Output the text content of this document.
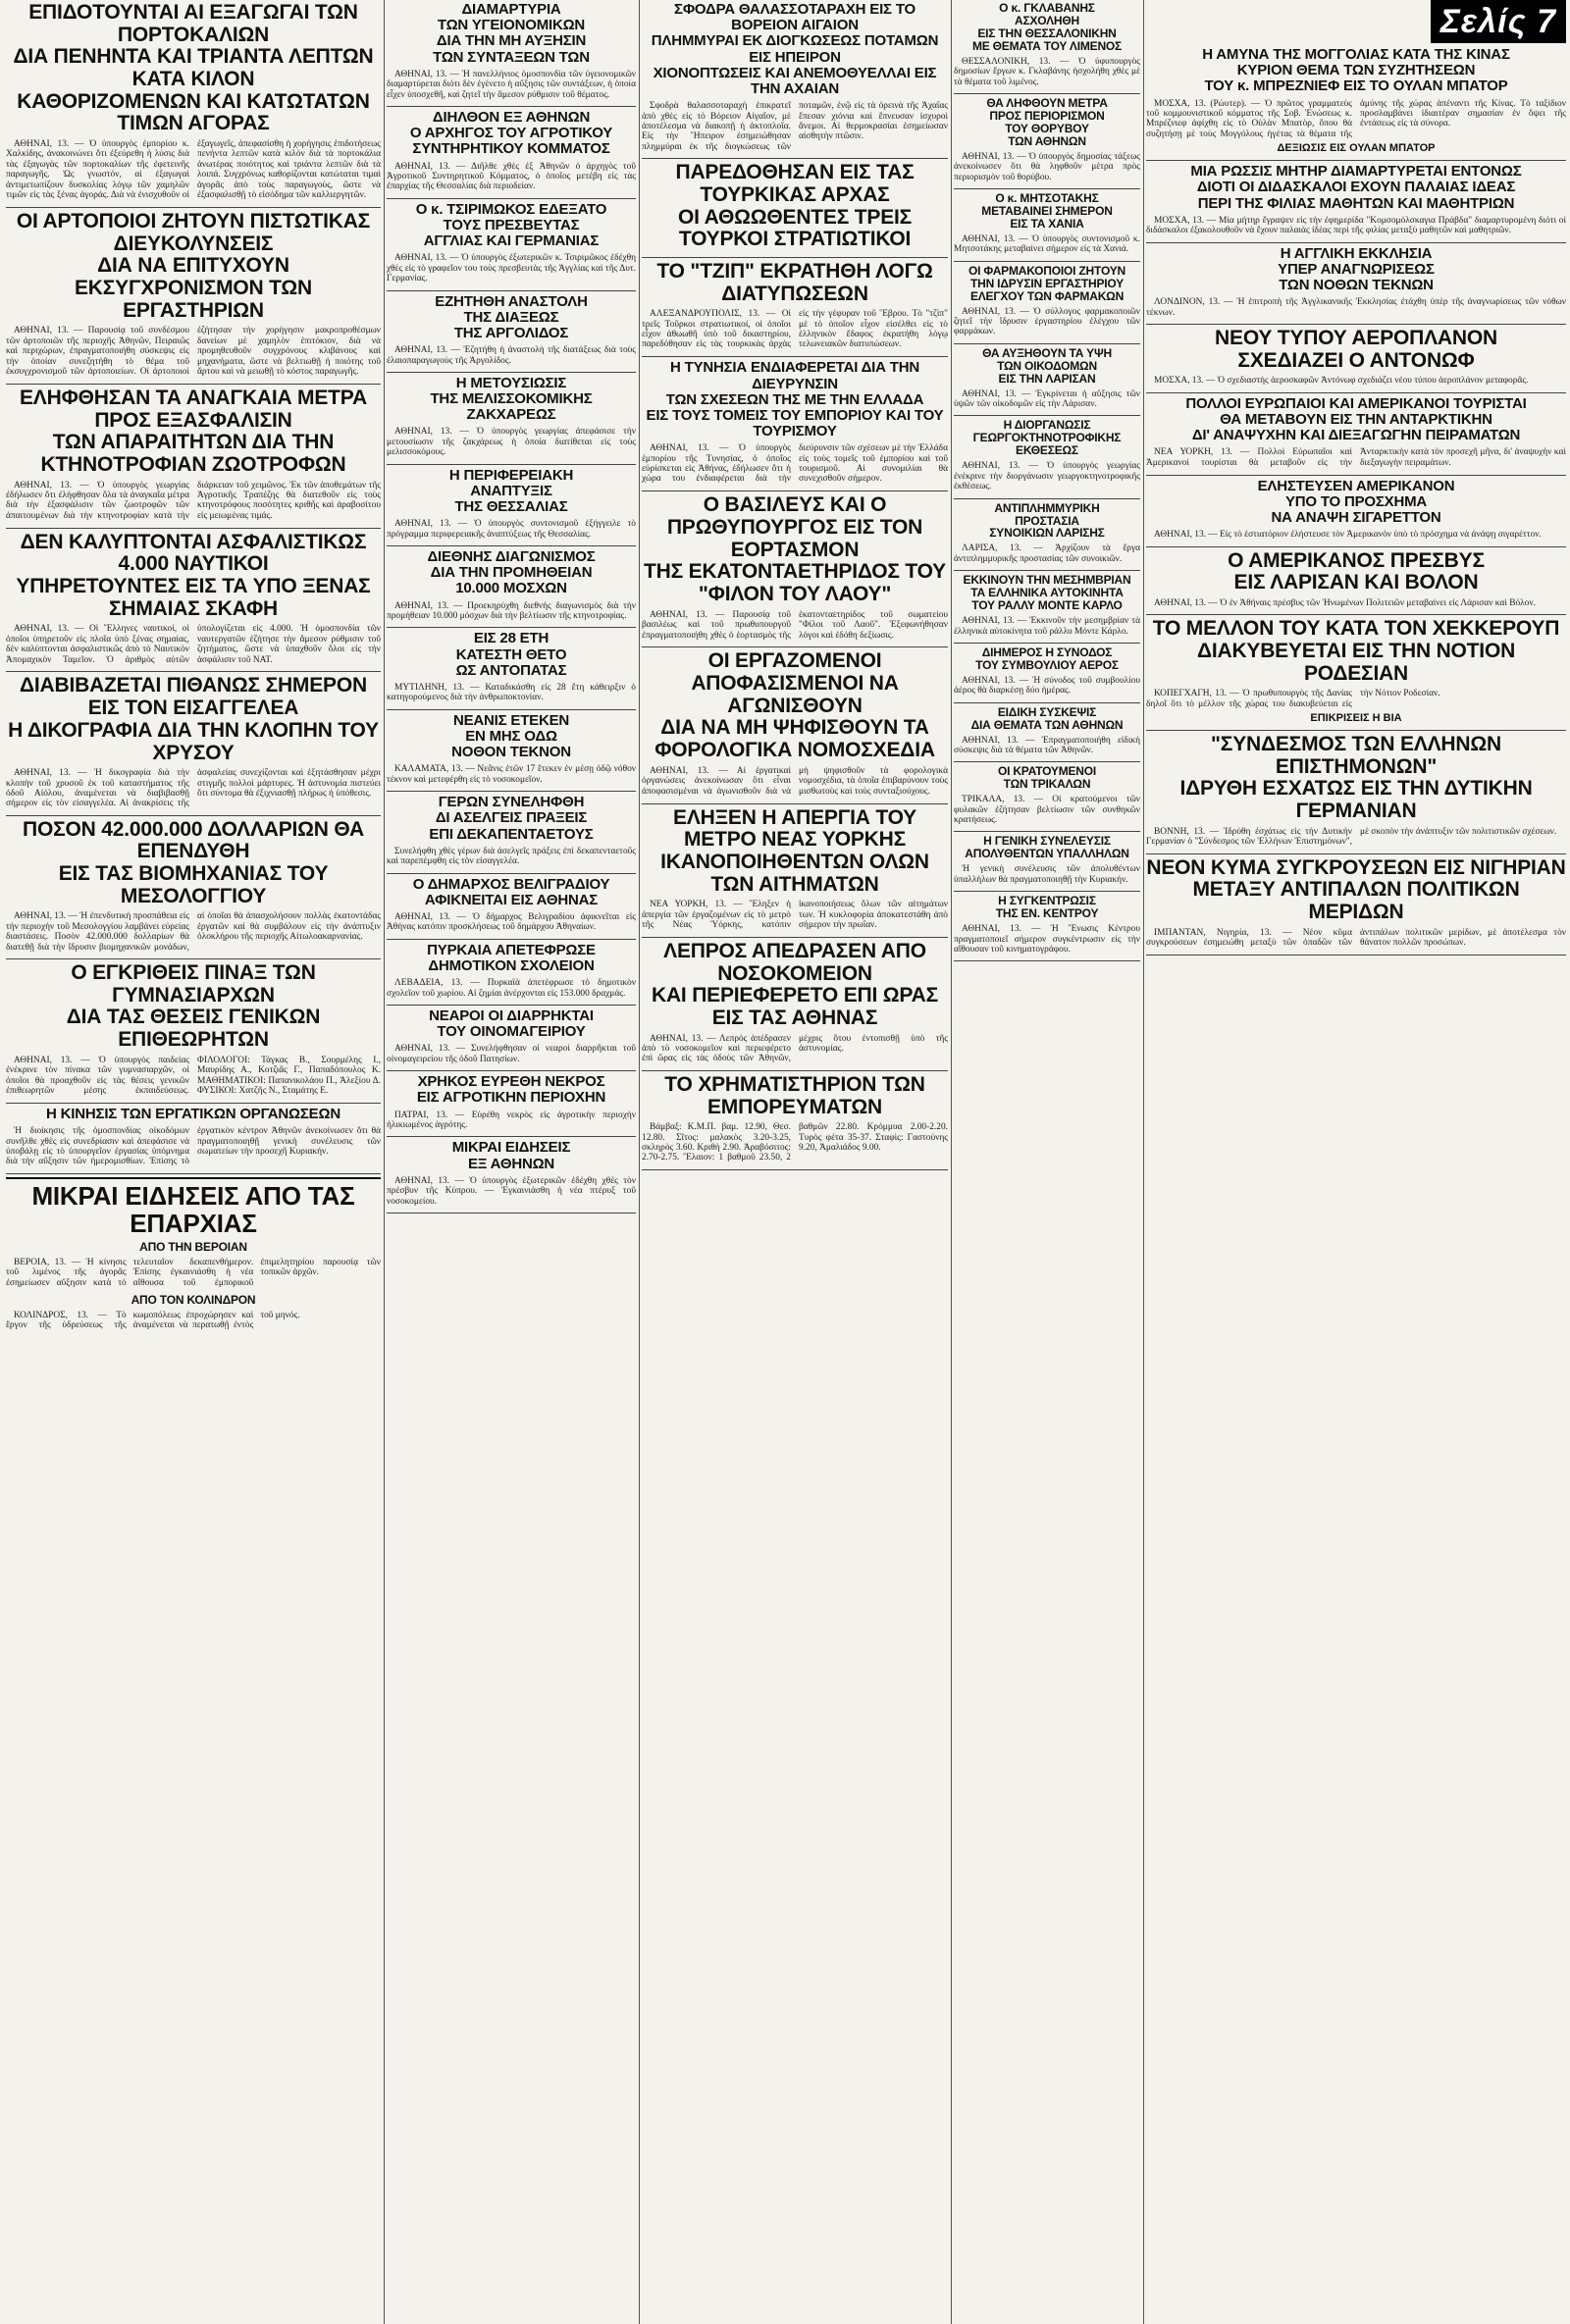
ΕΠΙΔΟΤΟΥΝΤΑΙ ΑΙ ΕΞΑΓΩΓΑΙ ΤΩΝ ΠΟΡΤΟΚΑΛΙΩΝ
ΔΙΑ ΠΕΝΗΝΤΑ ΚΑΙ ΤΡΙΑΝΤΑ ΛΕΠΤΩΝ ΚΑΤΑ ΚΙΛΟΝ
ΚΑΘΟΡΙΖΟΜΕΝΩΝ ΚΑΙ ΚΑΤΩΤΑΤΩΝ ΤΙΜΩΝ ΑΓΟΡΑΣ

ΑΘΗΝΑΙ, 13. — Ὁ ὑπουργὸς ἐμπορίου κ. Χαλκίδης, ἀνακοινώνει ὅτι ἐξεύρεθη ἡ λύσις διὰ τὰς ἐξαγωγὰς τῶν πορτοκαλίων τῆς ἐφετεινῆς παραγωγῆς. Ὡς γνωστόν, αἱ ἐξαγωγαὶ ἀντιμετωπίζουν δυσκολίας λόγῳ τῶν χαμηλῶν τιμῶν εἰς τὰς ξένας ἀγοράς. Διὰ νὰ ἐνισχυθοῦν οἱ ἐξαγωγεῖς, ἀπεφασίσθη ἡ χορήγησις ἐπιδοτήσεως πενήντα λεπτῶν κατὰ κιλὸν διὰ τὰ πορτοκάλια ἀνωτέρας ποιότητος καὶ τριάντα λεπτῶν διὰ τὰ λοιπά. Συγχρόνως καθορίζονται κατώταται τιμαὶ ἀγορᾶς ἀπὸ τοὺς παραγωγοὺς, ὥστε νὰ ἐξασφαλισθῇ τὸ εἰσόδημα τῶν καλλιεργητῶν.

ΟΙ ΑΡΤΟΠΟΙΟΙ ΖΗΤΟΥΝ ΠΙΣΤΩΤΙΚΑΣ ΔΙΕΥΚΟΛΥΝΣΕΙΣ
ΔΙΑ ΝΑ ΕΠΙΤΥΧΟΥΝ ΕΚΣΥΓΧΡΟΝΙΣΜΟΝ ΤΩΝ ΕΡΓΑΣΤΗΡΙΩΝ

ΑΘΗΝΑΙ, 13. — Παρουσίᾳ τοῦ συνδέσμου τῶν ἀρτοποιῶν τῆς περιοχῆς Ἀθηνῶν, Πειραιῶς καὶ περιχώρων, ἐπραγματοποιήθη σύσκεψις εἰς τὴν ὁποίαν συνεζητήθη τὸ θέμα τοῦ ἐκσυγχρονισμοῦ τῶν ἀρτοποιείων. Οἱ ἀρτοποιοὶ ἐζήτησαν τὴν χορήγησιν μακροπροθέσμων δανείων μὲ χαμηλὸν ἐπιτόκιον, διὰ νὰ προμηθευθοῦν συγχρόνους κλιβάνους καὶ μηχανήματα, ὥστε νὰ βελτιωθῇ ἡ ποιότης τοῦ ἄρτου καὶ νὰ μειωθῇ τὸ κόστος παραγωγῆς.

ΕΛΗΦΘΗΣΑΝ ΤΑ ΑΝΑΓΚΑΙΑ ΜΕΤΡΑ ΠΡΟΣ ΕΞΑΣΦΑΛΙΣΙΝ
ΤΩΝ ΑΠΑΡΑΙΤΗΤΩΝ ΔΙΑ ΤΗΝ ΚΤΗΝΟΤΡΟΦΙΑΝ ΖΩΟΤΡΟΦΩΝ

ΑΘΗΝΑΙ, 13. — Ὁ ὑπουργὸς γεωργίας ἐδήλωσεν ὅτι ἐλήφθησαν ὅλα τὰ ἀναγκαῖα μέτρα διὰ τὴν ἐξασφάλισιν τῶν ζωοτροφῶν τῶν ἀπαιτουμένων διὰ τὴν κτηνοτροφίαν κατὰ τὴν διάρκειαν τοῦ χειμῶνος. Ἐκ τῶν ἀποθεμάτων τῆς Ἀγροτικῆς Τραπέζης θὰ διατεθοῦν εἰς τοὺς κτηνοτρόφους ποσότητες κριθῆς καὶ ἀραβοσίτου εἰς μειωμένας τιμάς.

ΔΕΝ ΚΑΛΥΠΤΟΝΤΑΙ ΑΣΦΑΛΙΣΤΙΚΩΣ 4.000 ΝΑΥΤΙΚΟΙ
ΥΠΗΡΕΤΟΥΝΤΕΣ ΕΙΣ ΤΑ ΥΠΟ ΞΕΝΑΣ ΣΗΜΑΙΑΣ ΣΚΑΦΗ

ΑΘΗΝΑΙ, 13. — Οἱ Ἕλληνες ναυτικοί, οἱ ὁποῖοι ὑπηρετοῦν εἰς πλοῖα ὑπὸ ξένας σημαίας, δὲν καλύπτονται ἀσφαλιστικῶς ἀπὸ τὸ Ναυτικὸν Ἀπομαχικὸν Ταμεῖον. Ὁ ἀριθμὸς αὐτῶν ὑπολογίζεται εἰς 4.000. Ἡ ὁμοσπονδία τῶν ναυτεργατῶν ἐζήτησε τὴν ἄμεσον ρύθμισιν τοῦ ζητήματος, ὥστε νὰ ὑπαχθοῦν ὅλοι εἰς τὴν ἀσφάλισιν τοῦ ΝΑΤ.

ΔΙΑΒΙΒΑΖΕΤΑΙ ΠΙΘΑΝΩΣ ΣΗΜΕΡΟΝ ΕΙΣ ΤΟΝ ΕΙΣΑΓΓΕΛΕΑ
Η ΔΙΚΟΓΡΑΦΙΑ ΔΙΑ ΤΗΝ ΚΛΟΠΗΝ ΤΟΥ ΧΡΥΣΟΥ

ΑΘΗΝΑΙ, 13. — Ἡ δικογραφία διὰ τὴν κλοπὴν τοῦ χρυσοῦ ἐκ τοῦ καταστήματος τῆς ὁδοῦ Αἰόλου, ἀναμένεται νὰ διαβιβασθῇ σήμερον εἰς τὸν εἰσαγγελέα. Αἱ ἀνακρίσεις τῆς ἀσφαλείας συνεχίζονται καὶ ἐξητάσθησαν μέχρι στιγμῆς πολλοὶ μάρτυρες. Ἡ ἀστυνομία πιστεύει ὅτι σύντομα θὰ ἐξιχνιασθῇ πλήρως ἡ ὑπόθεσις.

ΠΟΣΟΝ 42.000.000 ΔΟΛΛΑΡΙΩΝ ΘΑ ΕΠΕΝΔΥΘΗ
ΕΙΣ ΤΑΣ ΒΙΟΜΗΧΑΝΙΑΣ ΤΟΥ ΜΕΣΟΛΟΓΓΙΟΥ

ΑΘΗΝΑΙ, 13. — Ἡ ἐπενδυτικὴ προσπάθεια εἰς τὴν περιοχὴν τοῦ Μεσολογγίου λαμβάνει εὐρείας διαστάσεις. Ποσὸν 42.000.000 δολλαρίων θὰ διατεθῇ διὰ τὴν ἵδρυσιν βιομηχανικῶν μονάδων, αἱ ὁποῖαι θὰ ἀπασχολήσουν πολλὰς ἑκατοντάδας ἐργατῶν καὶ θὰ συμβάλουν εἰς τὴν ἀνάπτυξιν ὁλοκλήρου τῆς περιοχῆς Αἰτωλοακαρνανίας.

Ο ΕΓΚΡΙΘΕΙΣ ΠΙΝΑΞ ΤΩΝ ΓΥΜΝΑΣΙΑΡΧΩΝ
ΔΙΑ ΤΑΣ ΘΕΣΕΙΣ ΓΕΝΙΚΩΝ ΕΠΙΘΕΩΡΗΤΩΝ

ΑΘΗΝΑΙ, 13. — Ὁ ὑπουργὸς παιδείας ἐνέκρινε τὸν πίνακα τῶν γυμνασιαρχῶν, οἱ ὁποῖοι θὰ προαχθοῦν εἰς τὰς θέσεις γενικῶν ἐπιθεωρητῶν μέσης ἐκπαιδεύσεως. ΦΙΛΟΛΟΓΟΙ: Τάγκας Β., Σουρμέλης Ι., Μαυρίδης Α., Κοτζιᾶς Γ., Παπαδόπουλος Κ. ΜΑΘΗΜΑΤΙΚΟΙ: Παπανικολάου Π., Ἀλεξίου Δ. ΦΥΣΙΚΟΙ: Χατζῆς Ν., Σταμάτης Ε.

Η ΚΙΝΗΣΙΣ ΤΩΝ ΕΡΓΑΤΙΚΩΝ ΟΡΓΑΝΩΣΕΩΝ

Ἡ διοίκησις τῆς ὁμοσπονδίας οἰκοδόμων συνῆλθε χθὲς εἰς συνεδρίασιν καὶ ἀπεφάσισε νὰ ὑποβάλῃ εἰς τὸ ὑπουργεῖον ἐργασίας ὑπόμνημα διὰ τὴν αὔξησιν τῶν ἡμερομισθίων. Ἐπίσης τὸ ἐργατικὸν κέντρον Ἀθηνῶν ἀνεκοίνωσεν ὅτι θὰ πραγματοποιηθῇ γενικὴ συνέλευσις τῶν σωματείων τὴν προσεχῆ Κυριακήν.

ΜΙΚΡΑΙ ΕΙΔΗΣΕΙΣ ΑΠΟ ΤΑΣ ΕΠΑΡΧΙΑΣ
ΑΠΟ ΤΗΝ ΒΕΡΟΙΑΝ

ΒΕΡΟΙΑ, 13. — Ἡ κίνησις τοῦ λιμένος τῆς ἀγορᾶς ἐσημείωσεν αὔξησιν κατὰ τὸ τελευταῖον δεκαπενθήμερον. Ἐπίσης ἐγκαινιάσθη ἡ νέα αἴθουσα τοῦ ἐμπορικοῦ ἐπιμελητηρίου παρουσίᾳ τῶν τοπικῶν ἀρχῶν.

ΑΠΟ ΤΟΝ ΚΟΛΙΝΔΡΟΝ

ΚΟΛΙΝΔΡΟΣ, 13. — Τὸ ἔργον τῆς ὑδρεύσεως τῆς κωμοπόλεως ἐπροχώρησεν καὶ ἀναμένεται νὰ περατωθῇ ἐντὸς τοῦ μηνός.

ΔΙΑΜΑΡΤΥΡΙΑ
ΤΩΝ ΥΓΕΙΟΝΟΜΙΚΩΝ
ΔΙΑ ΤΗΝ ΜΗ ΑΥΞΗΣΙΝ
ΤΩΝ ΣΥΝΤΑΞΕΩΝ ΤΩΝ

ΑΘΗΝΑΙ, 13. — Ἡ πανελλήνιος ὁμοσπονδία τῶν ὑγειονομικῶν διαμαρτύρεται διότι δὲν ἐγένετο ἡ αὔξησις τῶν συντάξεων, ἡ ὁποία εἶχεν ὑποσχεθῆ, καὶ ζητεῖ τὴν ἄμεσον ρύθμισιν τοῦ θέματος.

ΔΙΗΛΘΟΝ ΕΞ ΑΘΗΝΩΝ
Ο ΑΡΧΗΓΟΣ ΤΟΥ ΑΓΡΟΤΙΚΟΥ
ΣΥΝΤΗΡΗΤΙΚΟΥ ΚΟΜΜΑΤΟΣ

ΑΘΗΝΑΙ, 13. — Διῆλθε χθὲς ἐξ Ἀθηνῶν ὁ ἀρχηγὸς τοῦ Ἀγροτικοῦ Συντηρητικοῦ Κόμματος, ὁ ὁποῖος μετέβη εἰς τὰς ἐπαρχίας τῆς Θεσσαλίας διὰ περιοδείαν.

Ο κ. ΤΣΙΡΙΜΩΚΟΣ ΕΔΕΞΑΤΟ
ΤΟΥΣ ΠΡΕΣΒΕΥΤΑΣ
ΑΓΓΛΙΑΣ ΚΑΙ ΓΕΡΜΑΝΙΑΣ

ΑΘΗΝΑΙ, 13. — Ὁ ὑπουργὸς ἐξωτερικῶν κ. Τσιριμῶκος ἐδέχθη χθὲς εἰς τὸ γραφεῖον του τοὺς πρεσβευτὰς τῆς Ἀγγλίας καὶ τῆς Δυτ. Γερμανίας.

ΕΖΗΤΗΘΗ ΑΝΑΣΤΟΛΗ
ΤΗΣ ΔΙΑΞΕΩΣ
ΤΗΣ ΑΡΓΟΛΙΔΟΣ

ΑΘΗΝΑΙ, 13. — Ἐζητήθη ἡ ἀναστολὴ τῆς διατάξεως διὰ τοὺς ἐλαιοπαραγωγοὺς τῆς Ἀργολίδος.

Η ΜΕΤΟΥΣΙΩΣΙΣ
ΤΗΣ ΜΕΛΙΣΣΟΚΟΜΙΚΗΣ
ΖΑΚΧΑΡΕΩΣ

ΑΘΗΝΑΙ, 13. — Ὁ ὑπουργὸς γεωργίας ἀπεφάσισε τὴν μετουσίωσιν τῆς ζακχάρεως ἡ ὁποία διατίθεται εἰς τοὺς μελισσοκόμους.

Η ΠΕΡΙΦΕΡΕΙΑΚΗ
ΑΝΑΠΤΥΞΙΣ
ΤΗΣ ΘΕΣΣΑΛΙΑΣ

ΑΘΗΝΑΙ, 13. — Ὁ ὑπουργὸς συντονισμοῦ ἐξήγγειλε τὸ πρόγραμμα περιφερειακῆς ἀναπτύξεως τῆς Θεσσαλίας.

ΔΙΕΘΝΗΣ ΔΙΑΓΩΝΙΣΜΟΣ
ΔΙΑ ΤΗΝ ΠΡΟΜΗΘΕΙΑΝ
10.000 ΜΟΣΧΩΝ

ΑΘΗΝΑΙ, 13. — Προεκηρύχθη διεθνὴς διαγωνισμὸς διὰ τὴν προμήθειαν 10.000 μόσχων διὰ τὴν βελτίωσιν τῆς κτηνοτροφίας.

ΕΙΣ 28 ΕΤΗ
ΚΑΤΕΣΤΗ ΘΕΤΟ
ΩΣ ΑΝΤΟΠΑΤΑΣ

ΜΥΤΙΛΗΝΗ, 13. — Καταδικάσθη εἰς 28 ἔτη κάθειρξιν ὁ κατηγορούμενος διὰ τὴν ἀνθρωποκτονίαν.

ΝΕΑΝΙΣ ΕΤΕΚΕΝ
ΕΝ ΜΗΣ ΟΔΩ
ΝΟΘΟΝ ΤΕΚΝΟΝ

ΚΑΛΑΜΑΤΑ, 13. — Νεᾶνις ἐτῶν 17 ἔτεκεν ἐν μέσῃ ὁδῷ νόθον τέκνον καὶ μετεφέρθη εἰς τὸ νοσοκομεῖον.

ΓΕΡΩΝ ΣΥΝΕΛΗΦΘΗ
ΔΙ ΑΣΕΛΓΕΙΣ ΠΡΑΞΕΙΣ
ΕΠΙ ΔΕΚΑΠΕΝΤΑΕΤΟΥΣ

Συνελήφθη χθὲς γέρων διὰ ἀσελγεῖς πράξεις ἐπὶ δεκαπενταετοῦς καὶ παρεπέμφθη εἰς τὸν εἰσαγγελέα.

Ο ΔΗΜΑΡΧΟΣ ΒΕΛΙΓΡΑΔΙΟΥ
ΑΦΙΚΝΕΙΤΑΙ ΕΙΣ ΑΘΗΝΑΣ

ΑΘΗΝΑΙ, 13. — Ὁ δήμαρχος Βελιγραδίου ἀφικνεῖται εἰς Ἀθήνας κατόπιν προσκλήσεως τοῦ δημάρχου Ἀθηναίων.

ΠΥΡΚΑΙΑ ΑΠΕΤΕΦΡΩΣΕ
ΔΗΜΟΤΙΚΟΝ ΣΧΟΛΕΙΟΝ

ΛΕΒΑΔΕΙΑ, 13. — Πυρκαϊὰ ἀπετέφρωσε τὸ δημοτικὸν σχολεῖον τοῦ χωρίου. Αἱ ζημίαι ἀνέρχονται εἰς 153.000 δραχμάς.

ΝΕΑΡΟΙ ΟΙ ΔΙΑΡΡΗΚΤΑΙ
ΤΟΥ ΟΙΝΟΜΑΓΕΙΡΙΟΥ

ΑΘΗΝΑΙ, 13. — Συνελήφθησαν οἱ νεαροὶ διαρρῆκται τοῦ οἰνομαγειρείου τῆς ὁδοῦ Πατησίων.

ΧΡΗΚΟΣ ΕΥΡΕΘΗ ΝΕΚΡΟΣ
ΕΙΣ ΑΓΡΟΤΙΚΗΝ ΠΕΡΙΟΧΗΝ

ΠΑΤΡΑΙ, 13. — Εὑρέθη νεκρὸς εἰς ἀγροτικὴν περιοχὴν ἡλικιωμένος ἀγρότης.

ΜΙΚΡΑΙ ΕΙΔΗΣΕΙΣ
ΕΞ ΑΘΗΝΩΝ

ΑΘΗΝΑΙ, 13. — Ὁ ὑπουργὸς ἐξωτερικῶν ἐδέχθη χθὲς τὸν πρέσβυν τῆς Κύπρου. — Ἐγκαινιάσθη ἡ νέα πτέρυξ τοῦ νοσοκομείου.

ΣΦΟΔΡΑ ΘΑΛΑΣΣΟΤΑΡΑΧΗ ΕΙΣ ΤΟ ΒΟΡΕΙΟΝ ΑΙΓΑΙΟΝ
ΠΛΗΜΜΥΡΑΙ ΕΚ ΔΙΟΓΚΩΣΕΩΣ ΠΟΤΑΜΩΝ ΕΙΣ ΗΠΕΙΡΟΝ
ΧΙΟΝΟΠΤΩΣΕΙΣ ΚΑΙ ΑΝΕΜΟΘΥΕΛΛΑΙ ΕΙΣ ΤΗΝ ΑΧΑΙΑΝ

Σφοδρὰ θαλασσοταραχὴ ἐπικρατεῖ ἀπὸ χθὲς εἰς τὸ Βόρειον Αἰγαῖον, μὲ ἀποτέλεσμα νὰ διακοπῇ ἡ ἀκτοπλοΐα. Εἰς τὴν Ἤπειρον ἐσημειώθησαν πλημμύραι ἐκ τῆς διογκώσεως τῶν ποταμῶν, ἐνῷ εἰς τὰ ὀρεινὰ τῆς Ἀχαΐας ἔπεσαν χιόνια καὶ ἔπνευσαν ἰσχυροὶ ἄνεμοι. Αἱ θερμοκρασίαι ἐσημείωσαν αἰσθητὴν πτῶσιν.

ΠΑΡΕΔΟΘΗΣΑΝ ΕΙΣ ΤΑΣ ΤΟΥΡΚΙΚΑΣ ΑΡΧΑΣ
ΟΙ ΑΘΩΩΘΕΝΤΕΣ ΤΡΕΙΣ ΤΟΥΡΚΟΙ ΣΤΡΑΤΙΩΤΙΚΟΙ
ΤΟ "ΤΖΙΠ" ΕΚΡΑΤΗΘΗ ΛΟΓΩ ΔΙΑΤΥΠΩΣΕΩΝ

ΑΛΕΞΑΝΔΡΟΥΠΟΛΙΣ, 13. — Οἱ τρεῖς Τοῦρκοι στρατιωτικοί, οἱ ὁποῖοι εἶχον ἀθωωθῆ ὑπὸ τοῦ δικαστηρίου, παρεδόθησαν εἰς τὰς τουρκικὰς ἀρχὰς εἰς τὴν γέφυραν τοῦ Ἕβρου. Τὸ "τζὶπ" μὲ τὸ ὁποῖον εἶχον εἰσέλθει εἰς τὸ ἑλληνικὸν ἔδαφος ἐκρατήθη λόγῳ τελωνειακῶν διατυπώσεων.

Η ΤΥΝΗΣΙΑ ΕΝΔΙΑΦΕΡΕΤΑΙ ΔΙΑ ΤΗΝ ΔΙΕΥΡΥΝΣΙΝ
ΤΩΝ ΣΧΕΣΕΩΝ ΤΗΣ ΜΕ ΤΗΝ ΕΛΛΑΔΑ
ΕΙΣ ΤΟΥΣ ΤΟΜΕΙΣ ΤΟΥ ΕΜΠΟΡΙΟΥ ΚΑΙ ΤΟΥ ΤΟΥΡΙΣΜΟΥ

ΑΘΗΝΑΙ, 13. — Ὁ ὑπουργὸς ἐμπορίου τῆς Τυνησίας, ὁ ὁποῖος εὑρίσκεται εἰς Ἀθήνας, ἐδήλωσεν ὅτι ἡ χώρα του ἐνδιαφέρεται διὰ τὴν διεύρυνσιν τῶν σχέσεων μὲ τὴν Ἑλλάδα εἰς τοὺς τομεῖς τοῦ ἐμπορίου καὶ τοῦ τουρισμοῦ. Αἱ συνομιλίαι θὰ συνεχισθοῦν σήμερον.

Ο ΒΑΣΙΛΕΥΣ ΚΑΙ Ο ΠΡΩΘΥΠΟΥΡΓΟΣ ΕΙΣ ΤΟΝ ΕΟΡΤΑΣΜΟΝ
ΤΗΣ ΕΚΑΤΟΝΤΑΕΤΗΡΙΔΟΣ ΤΟΥ "ΦΙΛΟΝ ΤΟΥ ΛΑΟΥ"

ΑΘΗΝΑΙ, 13. — Παρουσίᾳ τοῦ βασιλέως καὶ τοῦ πρωθυπουργοῦ ἐπραγματοποιήθη χθὲς ὁ ἑορτασμὸς τῆς ἑκατονταετηρίδος τοῦ σωματείου "Φίλοι τοῦ Λαοῦ". Ἐξεφωνήθησαν λόγοι καὶ ἐδόθη δεξίωσις.

ΟΙ ΕΡΓΑΖΟΜΕΝΟΙ ΑΠΟΦΑΣΙΣΜΕΝΟΙ ΝΑ ΑΓΩΝΙΣΘΟΥΝ
ΔΙΑ ΝΑ ΜΗ ΨΗΦΙΣΘΟΥΝ ΤΑ ΦΟΡΟΛΟΓΙΚΑ ΝΟΜΟΣΧΕΔΙΑ

ΑΘΗΝΑΙ, 13. — Αἱ ἐργατικαὶ ὀργανώσεις ἀνεκοίνωσαν ὅτι εἶναι ἀποφασισμέναι νὰ ἀγωνισθοῦν διὰ νὰ μὴ ψηφισθοῦν τὰ φορολογικὰ νομοσχέδια, τὰ ὁποῖα ἐπιβαρύνουν τοὺς μισθωτοὺς καὶ τοὺς συνταξιούχους.

ΕΛΗΞΕΝ Η ΑΠΕΡΓΙΑ ΤΟΥ ΜΕΤΡΟ ΝΕΑΣ ΥΟΡΚΗΣ
ΙΚΑΝΟΠΟΙΗΘΕΝΤΩΝ ΟΛΩΝ ΤΩΝ ΑΙΤΗΜΑΤΩΝ

ΝΕΑ ΥΟΡΚΗ, 13. — Ἔληξεν ἡ ἀπεργία τῶν ἐργαζομένων εἰς τὸ μετρὸ τῆς Νέας Ὑόρκης, κατόπιν ἱκανοποιήσεως ὅλων τῶν αἰτημάτων των. Ἡ κυκλοφορία ἀποκατεστάθη ἀπὸ σήμερον τὴν πρωΐαν.

ΛΕΠΡΟΣ ΑΠΕΔΡΑΣΕΝ ΑΠΟ ΝΟΣΟΚΟΜΕΙΟΝ
ΚΑΙ ΠΕΡΙΕΦΕΡΕΤΟ ΕΠΙ ΩΡΑΣ ΕΙΣ ΤΑΣ ΑΘΗΝΑΣ

ΑΘΗΝΑΙ, 13. — Λεπρὸς ἀπέδρασεν ἀπὸ τὸ νοσοκομεῖον καὶ περιεφέρετο ἐπὶ ὥρας εἰς τὰς ὁδοὺς τῶν Ἀθηνῶν, μέχρις ὅτου ἐντοπισθῇ ὑπὸ τῆς ἀστυνομίας.

ΤΟ ΧΡΗΜΑΤΙΣΤΗΡΙΟΝ ΤΩΝ ΕΜΠΟΡΕΥΜΑΤΩΝ

Βάμβαξ: Κ.Μ.Π. βαμ. 12.90, Θεσ. 12.80. Σῖτος: μαλακὸς 3.20-3.25, σκληρὸς 3.60. Κριθὴ 2.90. Ἀραβόσιτος: 2.70-2.75. Ἔλαιον: 1 βαθμοῦ 23.50, 2 βαθμῶν 22.80. Κρόμμυα 2.00-2.20. Τυρὸς φέτα 35-37. Σταφὶς: Γαστούνης 9.20, Ἀμαλιάδος 9.00.

Ο κ. ΓΚΛΑΒΑΝΗΣ
ΑΣΧΟΛΗΘΗ
ΕΙΣ ΤΗΝ ΘΕΣΣΑΛΟΝΙΚΗΝ
ΜΕ ΘΕΜΑΤΑ ΤΟΥ ΛΙΜΕΝΟΣ

ΘΕΣΣΑΛΟΝΙΚΗ, 13. — Ὁ ὑφυπουργὸς δημοσίων ἔργων κ. Γκλαβάνης ἠσχολήθη χθὲς μὲ τὰ θέματα τοῦ λιμένος.

ΘΑ ΛΗΦΘΟΥΝ ΜΕΤΡΑ
ΠΡΟΣ ΠΕΡΙΟΡΙΣΜΟΝ
ΤΟΥ ΘΟΡΥΒΟΥ
ΤΩΝ ΑΘΗΝΩΝ

ΑΘΗΝΑΙ, 13. — Ὁ ὑπουργὸς δημοσίας τάξεως ἀνεκοίνωσεν ὅτι θὰ ληφθοῦν μέτρα πρὸς περιορισμὸν τοῦ θορύβου.

Ο κ. ΜΗΤΣΟΤΑΚΗΣ
ΜΕΤΑΒΑΙΝΕΙ ΣΗΜΕΡΟΝ
ΕΙΣ ΤΑ ΧΑΝΙΑ

ΑΘΗΝΑΙ, 13. — Ὁ ὑπουργὸς συντονισμοῦ κ. Μητσοτάκης μεταβαίνει σήμερον εἰς τὰ Χανιά.

ΟΙ ΦΑΡΜΑΚΟΠΟΙΟΙ ΖΗΤΟΥΝ
ΤΗΝ ΙΔΡΥΣΙΝ ΕΡΓΑΣΤΗΡΙΟΥ
ΕΛΕΓΧΟΥ ΤΩΝ ΦΑΡΜΑΚΩΝ

ΑΘΗΝΑΙ, 13. — Ὁ σύλλογος φαρμακοποιῶν ζητεῖ τὴν ἵδρυσιν ἐργαστηρίου ἐλέγχου τῶν φαρμάκων.

ΘΑ ΑΥΞΗΘΟΥΝ ΤΑ ΥΨΗ
ΤΩΝ ΟΙΚΟΔΟΜΩΝ
ΕΙΣ ΤΗΝ ΛΑΡΙΣΑΝ

ΑΘΗΝΑΙ, 13. — Ἐγκρίνεται ἡ αὔξησις τῶν ὑψῶν τῶν οἰκοδομῶν εἰς τὴν Λάρισαν.

Η ΔΙΟΡΓΑΝΩΣΙΣ
ΓΕΩΡΓΟΚΤΗΝΟΤΡΟΦΙΚΗΣ
ΕΚΘΕΣΕΩΣ

ΑΘΗΝΑΙ, 13. — Ὁ ὑπουργὸς γεωργίας ἐνέκρινε τὴν διοργάνωσιν γεωργοκτηνοτροφικῆς ἐκθέσεως.

ΑΝΤΙΠΛΗΜΜΥΡΙΚΗ
ΠΡΟΣΤΑΣΙΑ
ΣΥΝΟΙΚΙΩΝ ΛΑΡΙΣΗΣ

ΛΑΡΙΣΑ, 13. — Ἀρχίζουν τὰ ἔργα ἀντιπλημμυρικῆς προστασίας τῶν συνοικιῶν.

ΕΚΚΙΝΟΥΝ ΤΗΝ ΜΕΣΗΜΒΡΙΑΝ
ΤΑ ΕΛΛΗΝΙΚΑ ΑΥΤΟΚΙΝΗΤΑ
ΤΟΥ ΡΑΛΛΥ ΜΟΝΤΕ ΚΑΡΛΟ

ΑΘΗΝΑΙ, 13. — Ἐκκινοῦν τὴν μεσημβρίαν τὰ ἑλληνικὰ αὐτοκίνητα τοῦ ράλλυ Μόντε Κάρλο.

ΔΙΗΜΕΡΟΣ Η ΣΥΝΟΔΟΣ
ΤΟΥ ΣΥΜΒΟΥΛΙΟΥ ΑΕΡΟΣ

ΑΘΗΝΑΙ, 13. — Ἡ σύνοδος τοῦ συμβουλίου ἀέρος θὰ διαρκέσῃ δύο ἡμέρας.

ΕΙΔΙΚΗ ΣΥΣΚΕΨΙΣ
ΔΙΑ ΘΕΜΑΤΑ ΤΩΝ ΑΘΗΝΩΝ

ΑΘΗΝΑΙ, 13. — Ἐπραγματοποιήθη εἰδικὴ σύσκεψις διὰ τὰ θέματα τῶν Ἀθηνῶν.

ΟΙ ΚΡΑΤΟΥΜΕΝΟΙ
ΤΩΝ ΤΡΙΚΑΛΩΝ

ΤΡΙΚΑΛΑ, 13. — Οἱ κρατούμενοι τῶν φυλακῶν ἐζήτησαν βελτίωσιν τῶν συνθηκῶν κρατήσεως.

Η ΓΕΝΙΚΗ ΣΥΝΕΛΕΥΣΙΣ
ΑΠΟΛΥΘΕΝΤΩΝ ΥΠΑΛΛΗΛΩΝ

Ἡ γενικὴ συνέλευσις τῶν ἀπολυθέντων ὑπαλλήλων θὰ πραγματοποιηθῇ τὴν Κυριακήν.

Η ΣΥΓΚΕΝΤΡΩΣΙΣ
ΤΗΣ ΕΝ. ΚΕΝΤΡΟΥ

ΑΘΗΝΑΙ, 13. — Ἡ Ἕνωσις Κέντρου πραγματοποιεῖ σήμερον συγκέντρωσιν εἰς τὴν αἴθουσαν τοῦ κινηματογράφου.

Σελίς 7
Η ΑΜΥΝΑ ΤΗΣ ΜΟΓΓΟΛΙΑΣ ΚΑΤΑ ΤΗΣ ΚΙΝΑΣ
ΚΥΡΙΟΝ ΘΕΜΑ ΤΩΝ ΣΥΖΗΤΗΣΕΩΝ
ΤΟΥ κ. ΜΠΡΕΖΝΙΕΦ ΕΙΣ ΤΟ ΟΥΛΑΝ ΜΠΑΤΟΡ

ΜΟΣΧΑ, 13. (Ρώυτερ). — Ὁ πρῶτος γραμματεὺς τοῦ κομμουνιστικοῦ κόμματος τῆς Σοβ. Ἑνώσεως κ. Μπρέζνιεφ ἀφίχθη εἰς τὸ Οὐλὰν Μπατὸρ, ὅπου θὰ συζητήσῃ μὲ τοὺς Μογγόλους ἡγέτας τὰ θέματα τῆς ἀμύνης τῆς χώρας ἀπέναντι τῆς Κίνας. Τὸ ταξίδιον προσλαμβάνει ἰδιαιτέραν σημασίαν ἐν ὄψει τῆς ἐντάσεως εἰς τὰ σύνορα.

ΔΕΞΙΩΣΙΣ ΕΙΣ ΟΥΛΑΝ ΜΠΑΤΟΡ
ΜΙΑ ΡΩΣΣΙΣ ΜΗΤΗΡ ΔΙΑΜΑΡΤΥΡΕΤΑΙ ΕΝΤΟΝΩΣ
ΔΙΟΤΙ ΟΙ ΔΙΔΑΣΚΑΛΟΙ ΕΧΟΥΝ ΠΑΛΑΙΑΣ ΙΔΕΑΣ
ΠΕΡΙ ΤΗΣ ΦΙΛΙΑΣ ΜΑΘΗΤΩΝ ΚΑΙ ΜΑΘΗΤΡΙΩΝ

ΜΟΣΧΑ, 13. — Μία μήτηρ ἔγραψεν εἰς τὴν ἐφημερίδα "Κομσομόλσκαγια Πράβδα" διαμαρτυρομένη διότι οἱ διδάσκαλοι ἐξακολουθοῦν νὰ ἔχουν παλαιὰς ἰδέας περὶ τῆς φιλίας μεταξὺ μαθητῶν καὶ μαθητριῶν.

Η ΑΓΓΛΙΚΗ ΕΚΚΛΗΣΙΑ
ΥΠΕΡ ΑΝΑΓΝΩΡΙΣΕΩΣ
ΤΩΝ ΝΟΘΩΝ ΤΕΚΝΩΝ

ΛΟΝΔΙΝΟΝ, 13. — Ἡ ἐπιτροπὴ τῆς Ἀγγλικανικῆς Ἐκκλησίας ἐτάχθη ὑπὲρ τῆς ἀναγνωρίσεως τῶν νόθων τέκνων.

ΝΕΟΥ ΤΥΠΟΥ ΑΕΡΟΠΛΑΝΟΝ
ΣΧΕΔΙΑΖΕΙ Ο ΑΝΤΟΝΩΦ

ΜΟΣΧΑ, 13. — Ὁ σχεδιαστὴς ἀεροσκαφῶν Ἀντόνωφ σχεδιάζει νέου τύπου ἀεροπλάνον μεταφορᾶς.

ΠΟΛΛΟΙ ΕΥΡΩΠΑΙΟΙ ΚΑΙ ΑΜΕΡΙΚΑΝΟΙ ΤΟΥΡΙΣΤΑΙ
ΘΑ ΜΕΤΑΒΟΥΝ ΕΙΣ ΤΗΝ ΑΝΤΑΡΚΤΙΚΗΝ
ΔΙ' ΑΝΑΨΥΧΗΝ ΚΑΙ ΔΙΕΞΑΓΩΓΗΝ ΠΕΙΡΑΜΑΤΩΝ

ΝΕΑ ΥΟΡΚΗ, 13. — Πολλοὶ Εὐρωπαῖοι καὶ Ἀμερικανοὶ τουρίσται θὰ μεταβοῦν εἰς τὴν Ἀνταρκτικὴν κατὰ τὸν προσεχῆ μῆνα, δι' ἀναψυχὴν καὶ διεξαγωγὴν πειραμάτων.

ΕΛΗΣΤΕΥΣΕΝ ΑΜΕΡΙΚΑΝΟΝ
ΥΠΟ ΤΟ ΠΡΟΣΧΗΜΑ
ΝΑ ΑΝΑΨΗ ΣΙΓΑΡΕΤΤΟΝ

ΑΘΗΝΑΙ, 13. — Εἰς τὸ ἑστιατόριον ἐλήστευσε τὸν Ἀμερικανὸν ὑπὸ τὸ πρόσχημα νὰ ἀνάψῃ σιγαρέττον.

Ο ΑΜΕΡΙΚΑΝΟΣ ΠΡΕΣΒΥΣ
ΕΙΣ ΛΑΡΙΣΑΝ ΚΑΙ ΒΟΛΟΝ

ΑΘΗΝΑΙ, 13. — Ὁ ἐν Ἀθήναις πρέσβυς τῶν Ἡνωμένων Πολιτειῶν μεταβαίνει εἰς Λάρισαν καὶ Βόλον.

ΤΟ ΜΕΛΛΟΝ ΤΟΥ ΚΑΤΑ ΤΟΝ ΧΕΚΚΕΡΟΥΠ
ΔΙΑΚΥΒΕΥΕΤΑΙ ΕΙΣ ΤΗΝ ΝΟΤΙΟΝ ΡΟΔΕΣΙΑΝ

ΚΟΠΕΓΧΑΓΗ, 13. — Ὁ πρωθυπουργὸς τῆς Δανίας δηλοῖ ὅτι τὸ μέλλον τῆς χώρας του διακυβεύεται εἰς τὴν Νότιον Ροδεσίαν.

ΕΠΙΚΡΙΣΕΙΣ Η ΒΙΑ
"ΣΥΝΔΕΣΜΟΣ ΤΩΝ ΕΛΛΗΝΩΝ ΕΠΙΣΤΗΜΟΝΩΝ"
ΙΔΡΥΘΗ ΕΣΧΑΤΩΣ ΕΙΣ ΤΗΝ ΔΥΤΙΚΗΝ ΓΕΡΜΑΝΙΑΝ

ΒΟΝΝΗ, 13. — Ἱδρύθη ἐσχάτως εἰς τὴν Δυτικὴν Γερμανίαν ὁ "Σύνδεσμος τῶν Ἑλλήνων Ἐπιστημόνων", μὲ σκοπὸν τὴν ἀνάπτυξιν τῶν πολιτιστικῶν σχέσεων.

ΝΕΟΝ ΚΥΜΑ ΣΥΓΚΡΟΥΣΕΩΝ ΕΙΣ ΝΙΓΗΡΙΑΝ
ΜΕΤΑΞΥ ΑΝΤΙΠΑΛΩΝ ΠΟΛΙΤΙΚΩΝ ΜΕΡΙΔΩΝ

ΙΜΠΑΝΤΑΝ, Νιγηρία, 13. — Νέον κῦμα συγκρούσεων ἐσημειώθη μεταξὺ τῶν ὀπαδῶν τῶν ἀντιπάλων πολιτικῶν μερίδων, μὲ ἀποτέλεσμα τὸν θάνατον πολλῶν προσώπων.
